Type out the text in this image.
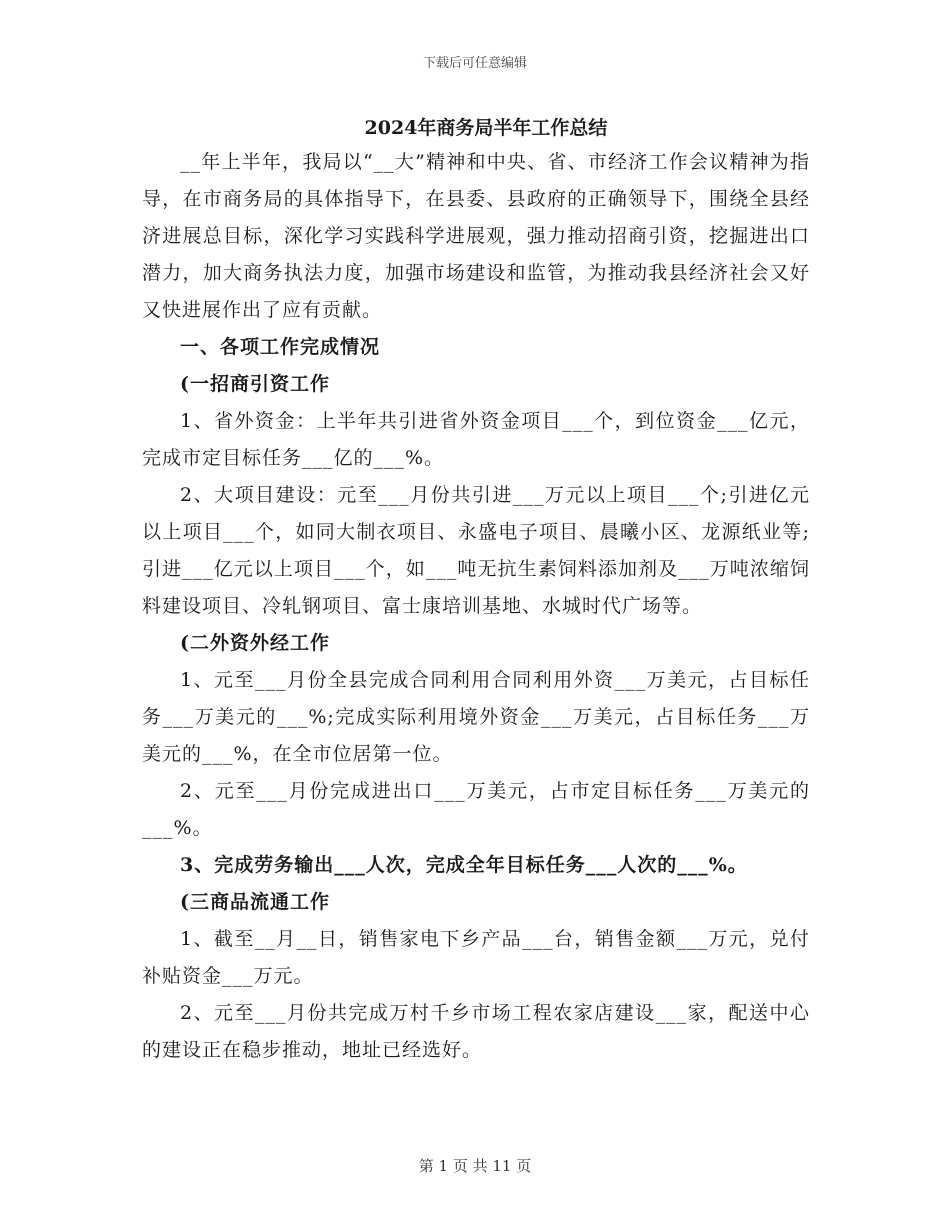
下载后可任意编辑

2024年商务局半年工作总结

__年上半年，我局以“__大”精神和中央、省、市经济工作会议精神为指导，在市商务局的具体指导下，在县委、县政府的正确领导下，围绕全县经济进展总目标，深化学习实践科学进展观，强力推动招商引资，挖掘进出口潜力，加大商务执法力度，加强市场建设和监管，为推动我县经济社会又好又快进展作出了应有贡献。

一、各项工作完成情况

(一招商引资工作

1、省外资金：上半年共引进省外资金项目___个，到位资金___亿元，完成市定目标任务___亿的___%。

2、大项目建设：元至___月份共引进___万元以上项目___个;引进亿元以上项目___个，如同大制衣项目、永盛电子项目、晨曦小区、龙源纸业等;引进___亿元以上项目___个，如___吨无抗生素饲料添加剂及___万吨浓缩饲料建设项目、冷轧钢项目、富士康培训基地、水城时代广场等。

(二外资外经工作

1、元至___月份全县完成合同利用合同利用外资___万美元，占目标任务___万美元的___%;完成实际利用境外资金___万美元，占目标任务___万美元的___%，在全市位居第一位。

2、元至___月份完成进出口___万美元，占市定目标任务___万美元的___%。

3、完成劳务输出___人次，完成全年目标任务___人次的___%。

(三商品流通工作

1、截至__月__日，销售家电下乡产品___台，销售金额___万元，兑付补贴资金___万元。

2、元至___月份共完成万村千乡市场工程农家店建设___家，配送中心的建设正在稳步推动，地址已经选好。

第 1 页 共 11 页
